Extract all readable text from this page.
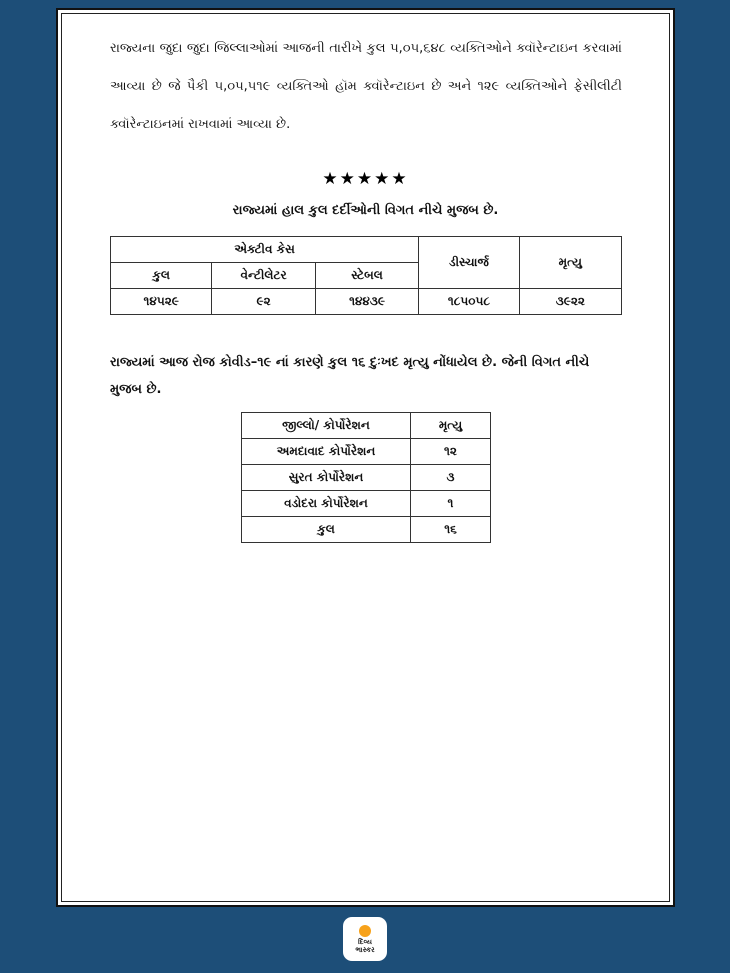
રાજ્યના જુદા જુદા જિલ્લાઓમાં આજની તારીખે કુલ ૫,૦૫,૬૪૮ વ્યક્તિઓને ક્વૉરેન્ટાઇન કરવામાં આવ્યા છે જે પૈકી ૫,૦૫,૫૧૯ વ્યક્તિઓ હૉમ ક્વૉરેન્ટાઇન છે અને ૧૨૯ વ્યક્તિઓને ફેસીલીટી ક્વૉરેન્ટાઇનમાં રાખવામાં આવ્યા છે.
★★★★★
રાજ્યમાં હાલ કુલ દર્દીઓની વિગત નીચે મુજબ છે.
એક્ટીવ કેસ			ડીસ્ચાર્જ	મૃત્યુ
કુલ	વેન્ટીલેટર	સ્ટેબલ		
૧૪૫૨૯	૯૨	૧૪૪૩૯	૧૮૫૦૫૮	૩૯૨૨
રાજ્યમાં આજ રોજ કોવીડ–૧૯ નાં કારણે કુલ ૧૬ દુઃખદ મૃત્યુ નોંધાયેલ છે. જેની વિગત નીચે મુજબ છે.
જીલ્લો/ કોર્પોરેશન	મૃત્યુ
અમદાવાદ કોર્પોરેશન	૧૨
સુરત કોર્પોરેશન	૩
વડોદરા કોર્પોરેશન	૧
કુલ	૧૬
દિવ્ય
ભાસ્કર
